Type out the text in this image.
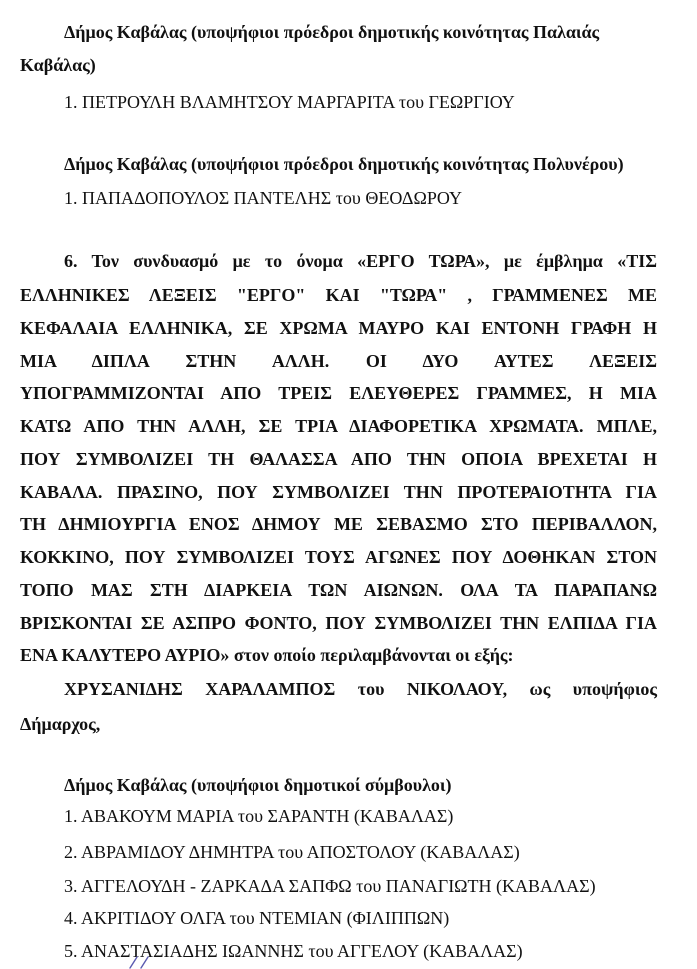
Δήμος Καβάλας (υποψήφιοι πρόεδροι δημοτικής κοινότητας Παλαιάς
Καβάλας)
1. ΠΕΤΡΟΥΛΗ ΒΛΑΜΗΤΣΟΥ ΜΑΡΓΑΡΙΤΑ του ΓΕΩΡΓΙΟΥ
Δήμος Καβάλας (υποψήφιοι πρόεδροι δημοτικής κοινότητας Πολυνέρου)
1. ΠΑΠΑΔΟΠΟΥΛΟΣ ΠΑΝΤΕΛΗΣ του ΘΕΟΔΩΡΟΥ
6. Τον συνδυασμό με το όνομα «ΕΡΓΟ ΤΩΡΑ», με έμβλημα «ΤΙΣ
ΕΛΛΗΝΙΚΕΣ ΛΕΞΕΙΣ "ΕΡΓΟ" ΚΑΙ "ΤΩΡΑ" , ΓΡΑΜΜΕΝΕΣ ΜΕ
ΚΕΦΑΛΑΙΑ ΕΛΛΗΝΙΚΑ, ΣΕ ΧΡΩΜΑ ΜΑΥΡΟ ΚΑΙ ΕΝΤΟΝΗ ΓΡΑΦΗ Η
ΜΙΑ ΔΙΠΛΑ ΣΤΗΝ ΑΛΛΗ. ΟΙ ΔΥΟ ΑΥΤΕΣ ΛΕΞΕΙΣ
ΥΠΟΓΡΑΜΜΙΖΟΝΤΑΙ ΑΠΟ ΤΡΕΙΣ ΕΛΕΥΘΕΡΕΣ ΓΡΑΜΜΕΣ, Η ΜΙΑ
ΚΑΤΩ ΑΠΟ ΤΗΝ ΑΛΛΗ, ΣΕ ΤΡΙΑ ΔΙΑΦΟΡΕΤΙΚΑ ΧΡΩΜΑΤΑ. ΜΠΛΕ,
ΠΟΥ ΣΥΜΒΟΛΙΖΕΙ ΤΗ ΘΑΛΑΣΣΑ ΑΠΟ ΤΗΝ ΟΠΟΙΑ ΒΡΕΧΕΤΑΙ Η
ΚΑΒΑΛΑ. ΠΡΑΣΙΝΟ, ΠΟΥ ΣΥΜΒΟΛΙΖΕΙ ΤΗΝ ΠΡΟΤΕΡΑΙΟΤΗΤΑ ΓΙΑ
ΤΗ ΔΗΜΙΟΥΡΓΙΑ ΕΝΟΣ ΔΗΜΟΥ ΜΕ ΣΕΒΑΣΜΟ ΣΤΟ ΠΕΡΙΒΑΛΛΟΝ,
ΚΟΚΚΙΝΟ, ΠΟΥ ΣΥΜΒΟΛΙΖΕΙ ΤΟΥΣ ΑΓΩΝΕΣ ΠΟΥ ΔΟΘΗΚΑΝ ΣΤΟΝ
ΤΟΠΟ ΜΑΣ ΣΤΗ ΔΙΑΡΚΕΙΑ ΤΩΝ ΑΙΩΝΩΝ. ΟΛΑ ΤΑ ΠΑΡΑΠΑΝΩ
ΒΡΙΣΚΟΝΤΑΙ ΣΕ ΑΣΠΡΟ ΦΟΝΤΟ, ΠΟΥ ΣΥΜΒΟΛΙΖΕΙ ΤΗΝ ΕΛΠΙΔΑ ΓΙΑ
ΕΝΑ ΚΑΛΥΤΕΡΟ ΑΥΡΙΟ» στον οποίο περιλαμβάνονται οι εξής:
ΧΡΥΣΑΝΙΔΗΣ ΧΑΡΑΛΑΜΠΟΣ του ΝΙΚΟΛΑΟΥ, ως υποψήφιος
Δήμαρχος,
Δήμος Καβάλας (υποψήφιοι δημοτικοί σύμβουλοι)
1. ΑΒΑΚΟΥΜ ΜΑΡΙΑ του ΣΑΡΑΝΤΗ (ΚΑΒΑΛΑΣ)
2. ΑΒΡΑΜΙΔΟΥ ΔΗΜΗΤΡΑ του ΑΠΟΣΤΟΛΟΥ (ΚΑΒΑΛΑΣ)
3. ΑΓΓΕΛΟΥΔΗ - ΖΑΡΚΑΔΑ ΣΑΠΦΩ του ΠΑΝΑΓΙΩΤΗ (ΚΑΒΑΛΑΣ)
4. ΑΚΡΙΤΙΔΟΥ ΟΛΓΑ του ΝΤΕΜΙΑΝ (ΦΙΛΙΠΠΩΝ)
5. ΑΝΑΣΤΑΣΙΑΔΗΣ ΙΩΑΝΝΗΣ του ΑΓΓΕΛΟΥ (ΚΑΒΑΛΑΣ)
